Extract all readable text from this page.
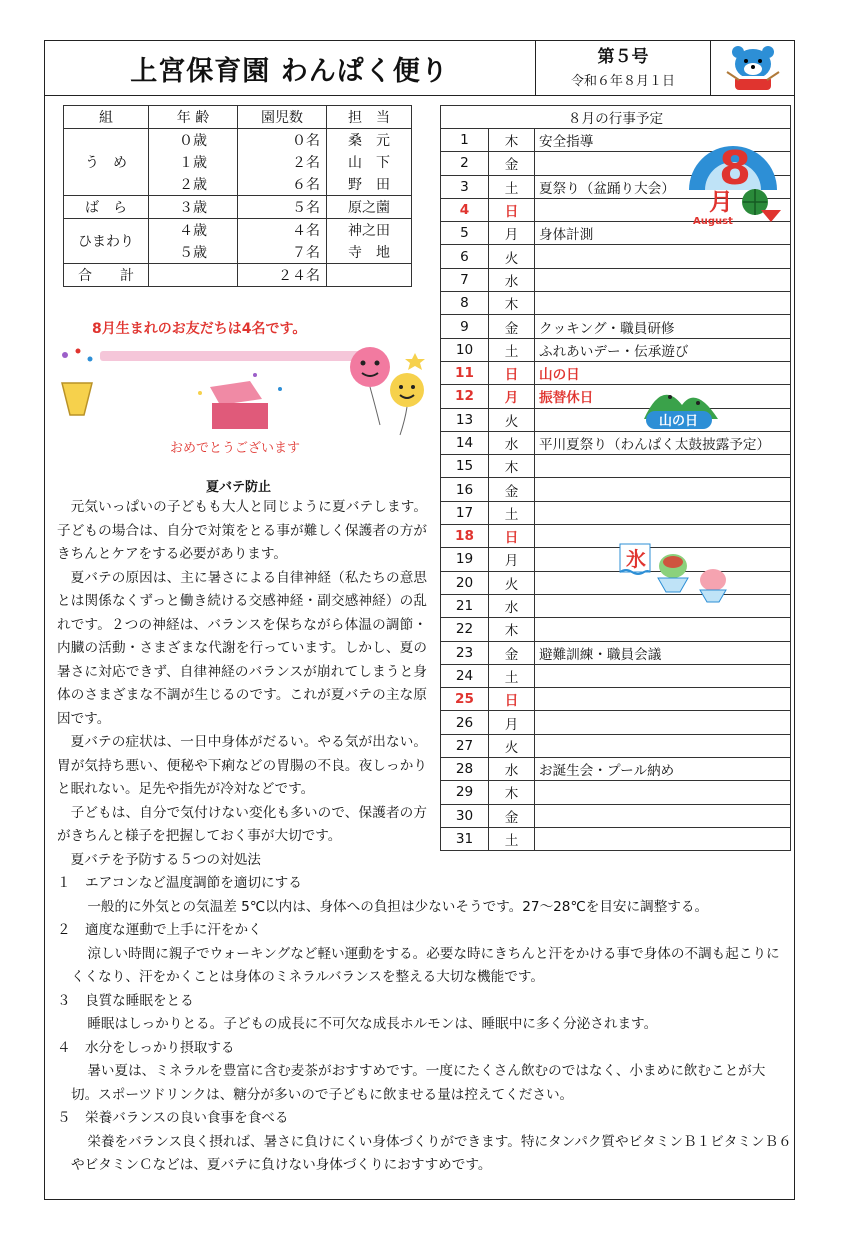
上宮保育園 わんぱく便り	第５号
令和６年８月１日
組	年 齢	園児数	担　当
う　め	０歳	０名	桑　元
	１歳	２名	山　下
	２歳	６名	野　田
ば　ら	３歳	５名	原之薗
ひまわり	４歳	４名	神之田
	５歳	７名	寺　地
合　　計		２４名	
8月生まれのお友だちは4名です。
おめでとうございます
夏バテ防止

元気いっぱいの子どもも大人と同じように夏バテします。子どもの場合は、自分で対策をとる事が難しく保護者の方がきちんとケアをする必要があります。

夏バテの原因は、主に暑さによる自律神経（私たちの意思とは関係なくずっと働き続ける交感神経・副交感神経）の乱れです。２つの神経は、バランスを保ちながら体温の調節・内臓の活動・さまざまな代謝を行っています。しかし、夏の暑さに対応できず、自律神経のバランスが崩れてしまうと身体のさまざまな不調が生じるのです。これが夏バテの主な原因です。

夏バテの症状は、一日中身体がだるい。やる気が出ない。胃が気持ち悪い、便秘や下痢などの胃腸の不良。夜しっかりと眠れない。足先や指先が冷対などです。

子どもは、自分で気付けない変化も多いので、保護者の方がきちんと様子を把握しておく事が大切です。

夏バテを予防する５つの対処法

１ エアコンなど温度調節を適切にする

一般的に外気との気温差 5℃以内は、身体への負担は少ないそうです。27～28℃を目安に調整する。

２ 適度な運動で上手に汗をかく

涼しい時間に親子でウォーキングなど軽い運動をする。必要な時にきちんと汗をかける事で身体の不調も起こりにくくなり、汗をかくことは身体のミネラルバランスを整える大切な機能です。

３ 良質な睡眠をとる

睡眠はしっかりとる。子どもの成長に不可欠な成長ホルモンは、睡眠中に多く分泌されます。

４ 水分をしっかり摂取する

暑い夏は、ミネラルを豊富に含む麦茶がおすすめです。一度にたくさん飲むのではなく、小まめに飲むことが大切。スポーツドリンクは、糖分が多いので子どもに飲ませる量は控えてください。

５ 栄養バランスの良い食事を食べる

栄養をバランス良く摂れば、暑さに負けにくい身体づくりができます。特にタンパク質やビタミンＢ１ビタミンＢ６やビタミンＣなどは、夏バテに負けない身体づくりにおすすめです。

８月の行事予定		
1	木	安全指導
2	金	
3	土	夏祭り（盆踊り大会）
4	日	
5	月	身体計測
6	火	
7	水	
8	木	
9	金	クッキング・職員研修
10	土	ふれあいデー・伝承遊び
11	日	山の日
12	月	振替休日
13	火	
14	水	平川夏祭り（わんぱく太鼓披露予定）
15	木	
16	金	
17	土	
18	日	
19	月	
20	火	
21	水	
22	木	
23	金	避難訓練・職員会議
24	土	
25	日	
26	月	
27	火	
28	水	お誕生会・プール納め
29	木	
30	金	
31	土	
8
月
August
山の日
氷
